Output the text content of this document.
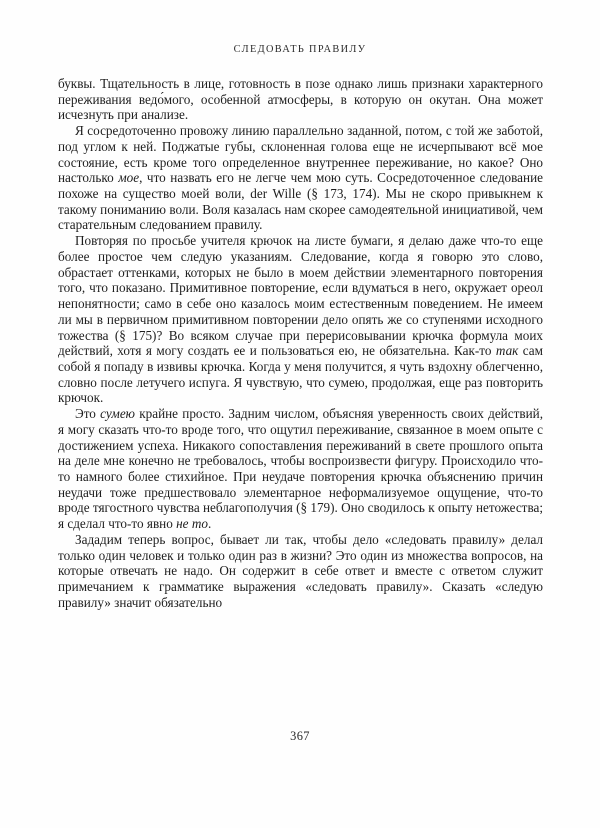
СЛЕДОВАТЬ ПРАВИЛУ

буквы. Тщательность в лице, готовность в позе однако лишь признаки характерного переживания ведо́мого, особенной атмосферы, в которую он окутан. Она может исчезнуть при анализе.

Я сосредоточенно провожу линию параллельно заданной, потом, с той же заботой, под углом к ней. Поджатые губы, склоненная голова еще не исчерпывают всё мое состояние, есть кроме того определенное внутреннее переживание, но какое? Оно настолько мое, что назвать его не легче чем мою суть. Сосредоточенное следование похоже на существо моей воли, der Wille (§ 173, 174). Мы не скоро привыкнем к такому пониманию воли. Воля казалась нам скорее самодеятельной инициативой, чем старательным следованием правилу.

Повторяя по просьбе учителя крючок на листе бумаги, я делаю даже что-то еще более простое чем следую указаниям. Следование, когда я говорю это слово, обрастает оттенками, которых не было в моем действии элементарного повторения того, что показано. Примитивное повторение, если вдуматься в него, окружает ореол непонятности; само в себе оно казалось моим естественным поведением. Не имеем ли мы в первичном примитивном повторении дело опять же со ступенями исходного тожества (§ 175)? Во всяком случае при перерисовывании крючка формула моих действий, хотя я могу создать ее и пользоваться ею, не обязательна. Как-то так сам собой я попаду в извивы крючка. Когда у меня получится, я чуть вздохну облегченно, словно после летучего испуга. Я чувствую, что сумею, продолжая, еще раз повторить крючок.

Это сумею крайне просто. Задним числом, объясняя уверенность своих действий, я могу сказать что-то вроде того, что ощутил переживание, связанное в моем опыте с достижением успеха. Никакого сопоставления переживаний в свете прошлого опыта на деле мне конечно не требовалось, чтобы воспроизвести фигуру. Происходило что-то намного более стихийное. При неудаче повторения крючка объяснению причин неудачи тоже предшествовало элементарное неформализуемое ощущение, что-то вроде тягостного чувства неблагополучия (§ 179). Оно сводилось к опыту нетожества; я сделал что-то явно не то.

Зададим теперь вопрос, бывает ли так, чтобы дело «следовать правилу» делал только один человек и только один раз в жизни? Это один из множества вопросов, на которые отвечать не надо. Он содержит в себе ответ и вместе с ответом служит примечанием к грамматике выражения «следовать правилу». Сказать «следую правилу» значит обязательно

367
